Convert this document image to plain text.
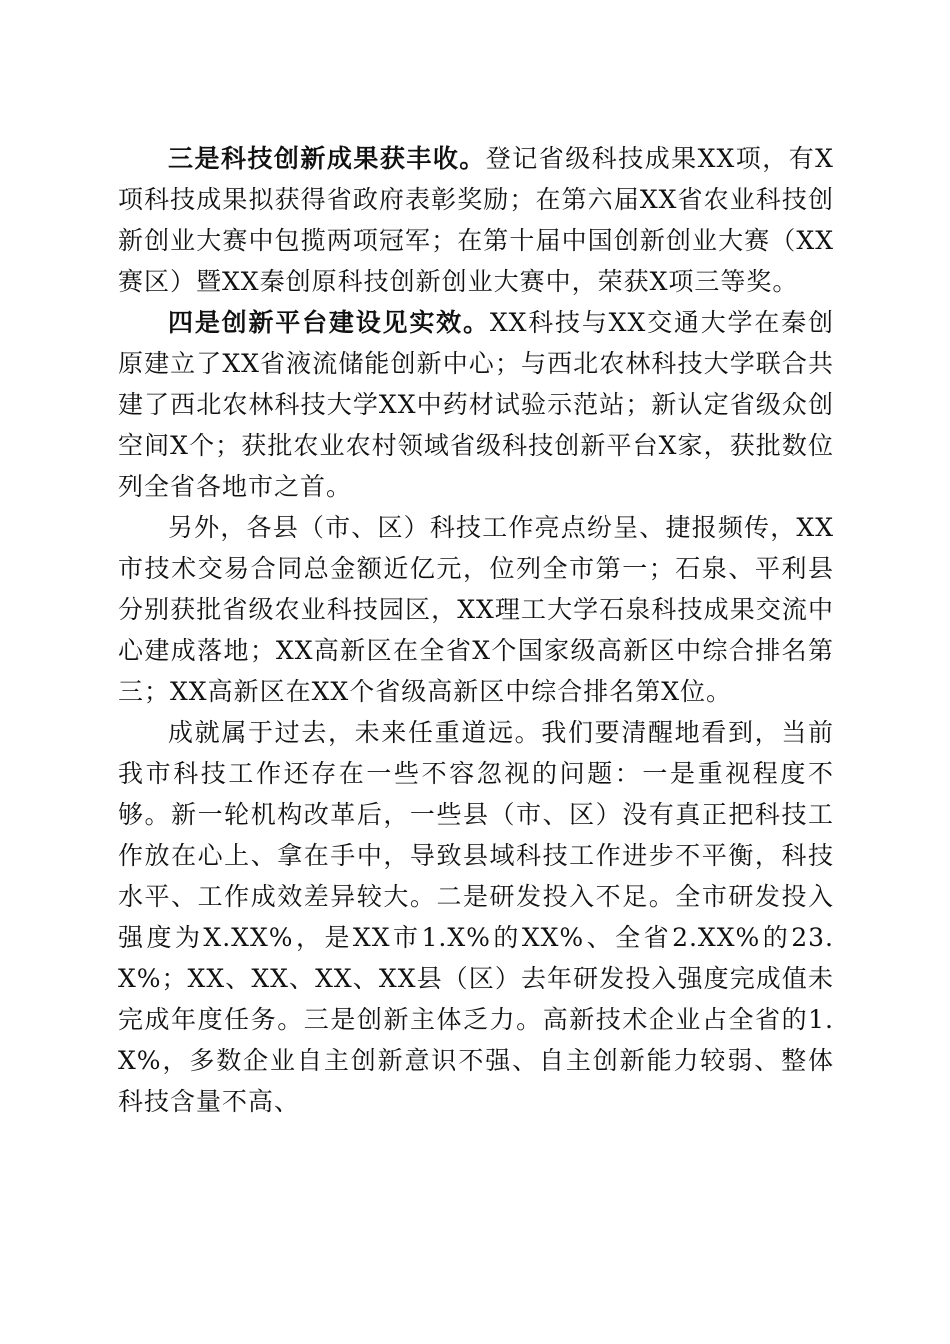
三是科技创新成果获丰收。登记省级科技成果XX项，有X项科技成果拟获得省政府表彰奖励；在第六届XX省农业科技创新创业大赛中包揽两项冠军；在第十届中国创新创业大赛（XX赛区）暨XX秦创原科技创新创业大赛中，荣获X项三等奖。

四是创新平台建设见实效。XX科技与XX交通大学在秦创原建立了XX省液流储能创新中心；与西北农林科技大学联合共建了西北农林科技大学XX中药材试验示范站；新认定省级众创空间X个；获批农业农村领域省级科技创新平台X家，获批数位列全省各地市之首。

另外，各县（市、区）科技工作亮点纷呈、捷报频传，XX市技术交易合同总金额近亿元，位列全市第一；石泉、平利县分别获批省级农业科技园区，XX理工大学石泉科技成果交流中心建成落地；XX高新区在全省X个国家级高新区中综合排名第三；XX高新区在XX个省级高新区中综合排名第X位。

成就属于过去，未来任重道远。我们要清醒地看到，当前我市科技工作还存在一些不容忽视的问题：一是重视程度不够。新一轮机构改革后，一些县（市、区）没有真正把科技工作放在心上、拿在手中，导致县域科技工作进步不平衡，科技水平、工作成效差异较大。二是研发投入不足。全市研发投入强度为X.XX%，是XX市1.X%的XX%、全省2.XX%的23.X%；XX、XX、XX、XX县（区）去年研发投入强度完成值未完成年度任务。三是创新主体乏力。高新技术企业占全省的1.X%，多数企业自主创新意识不强、自主创新能力较弱、整体科技含量不高、
